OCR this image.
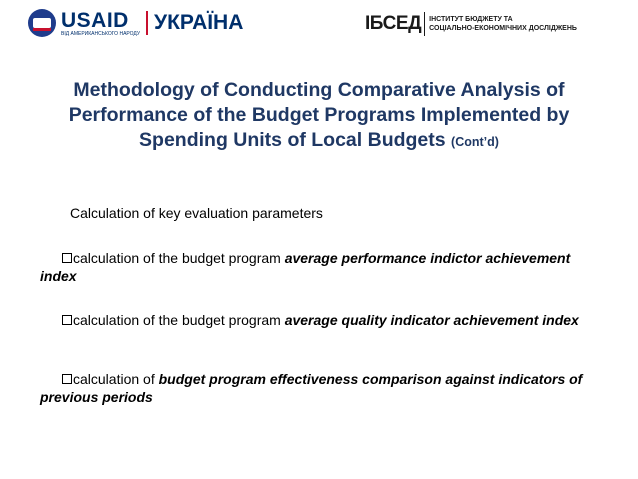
USAID
ВІД АМЕРИКАНСЬКОГО НАРОДУ УКРАЇНА	IБСЕД ІНСТИТУТ БЮДЖЕТУ ТА
СОЦІАЛЬНО-ЕКОНОМІЧНИХ ДОСЛІДЖЕНЬ
Methodology of Conducting Comparative Analysis of Performance of the Budget Programs Implemented by Spending Units of Local Budgets (Cont’d)
Calculation of key evaluation parameters
calculation of the budget program average performance indictor achievement index
calculation of the budget program average quality indicator achievement index
calculation of budget program effectiveness comparison against indicators of previous periods
